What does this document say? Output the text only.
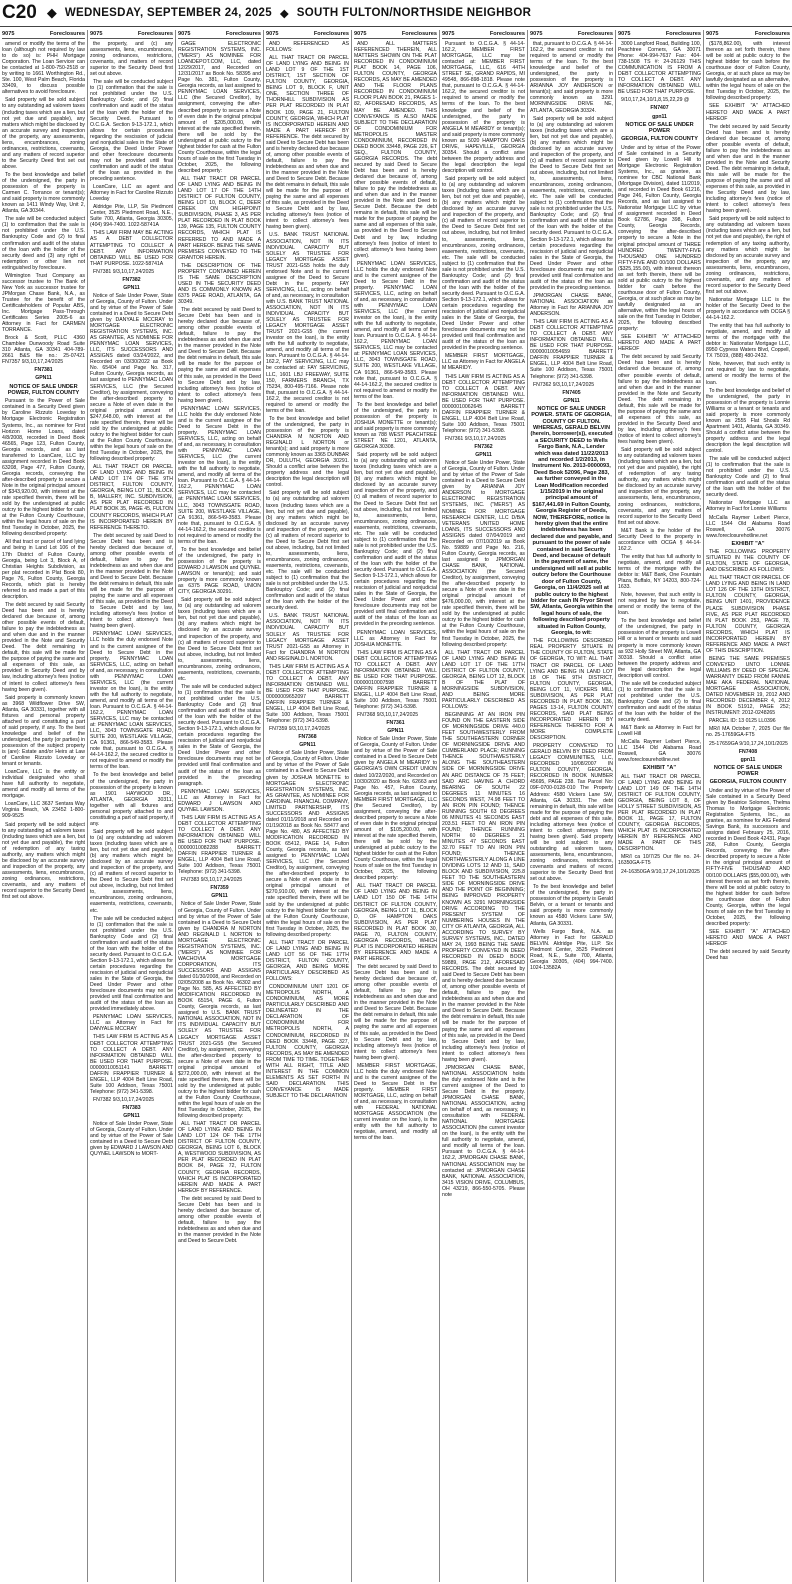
C20 ◆ WEDNESDAY, SEPTEMBER 24, 2025 ◆ SOUTH FULTON/NORTHSIDE NEIGHBOR
9075	Foreclosures

amend or modify the terms of the loan (although not required by law to do so) is: PHH Mortgage Corporation. The Loan Servicer can be contacted at 1-800-750-2518 or by writing to 1661 Worthington Rd., Ste. 100, West Palm Beach, Florida 33409, to discuss possible alternatives to avoid foreclosure.

Said property will be sold subject to any outstanding ad valorem taxes (including taxes which are a lien, but not yet due and payable), any matters which might be disclosed by an accurate survey and inspection of the property, any assessments, liens, encumbrances, zoning ordinances, restrictions, covenants, and any matters of record superior to the Security Deed first set out above.

To the best knowledge and belief of the undersigned, the party in possession of the property is Carmen C. Torrance or tenant(s); and said property is more commonly known as 1411 Windy Way, Unit 2, Atlanta, GA 30344.

The sale will be conducted subject (1) to confirmation that the sale is not prohibited under the U.S. Bankruptcy Code and (2) to final confirmation and audit of the status of the loan with the holder of the security deed and (3) any right of redemption or other lien not extinguished by foreclosure.

Wilmington Trust Company as successor trustee to The Bank of New York as successor trustee for JPMorgan Chase Bank, N.A., as Trustee for the benefit of the Certificateholders of Popular ABS, Inc. Mortgage Pass-Through Certificates Series 2005-6 as Attorney in Fact for CARMEN TORRANCE.

Brock & Scott, PLLC 4360 Chamblee Dunwoody Road Suite 310 Atlanta, GA 30341 404-789-2661 B&S file no.: 25-07421 FN7357 9/3,10,17,24/2025

FN7381

GPN11

NOTICE OF SALE UNDER POWER, FULTON COUNTY

Pursuant to the Power of Sale contained in a Security Deed given by Caroline Rizzuto Loveday to Mortgage Electronic Registration Systems, Inc., as nominee for First Horizon Home Loans, dated 4/8/2008, recorded in Deed Book 46565, Page 123, Fulton County, Georgia records, and as last transferred to LoanCare, LLC by assignment recorded in Deed Book 63208, Page 477, Fulton County, Georgia records, conveying the after-described property to secure a Note in the original principal amount of $343,920.00, with interest at the rate specified therein, there will be sold by the undersigned at public outcry to the highest bidder for cash at the Fulton County Courthouse, within the legal hours of sale on the first Tuesday in October, 2025, the following described property:

All that tract or parcel of land lying and being in Land Lot 106 of the 17th District of Fulton County, Georgia, being Lot 3, Block A, of Christian Heights Subdivision, as per plat recorded in Plat Book 80, Page 76, Fulton County, Georgia Records, which plat is hereby referred to and made a part of this description.

The debt secured by said Security Deed has been and is hereby declared due because of, among other possible events of default, failure to pay the indebtedness as and when due and in the manner provided in the Note and Security Deed. The debt remaining in default, this sale will be made for the purpose of paying the same and all expenses of this sale, as provided in Security Deed and by law, including attorney's fees (notice of intent to collect attorney's fees having been given).

Said property is commonly known as 3968 Wildflower Drive SW, Atlanta, GA 30331, together with all fixtures and personal property attached to and constituting a part of said property, if any. To the best knowledge and belief of the undersigned, the party (or parties) in possession of the subject property is (are): Estate and/or Heirs at Law of Caroline Rizzuto Loveday or tenant or tenants.

LoanCare, LLC is the entity or individual designated who shall have full authority to negotiate, amend and modify all terms of the mortgage.

LoanCare, LLC 3637 Sentara Way Virginia Beach, VA 23452 1-800-909-9525

Said property will be sold subject to any outstanding ad valorem taxes (including taxes which are a lien, but not yet due and payable), the right of redemption of any taxing authority, any matters which might be disclosed by an accurate survey and inspection of the property, any assessments, liens, encumbrances, zoning ordinances, restrictions, covenants, and any matters of record superior to the Security Deed first set out above.

9075	Foreclosures

the property, and (c) any assessments, liens, encumbrances, zoning ordinances, restrictions, covenants, and matters of record superior to the Security Deed first set out above.

The sale will be conducted subject to (1) confirmation that the sale is not prohibited under the U.S. Bankruptcy Code; and (2) final confirmation and audit of the status of the loan with the holder of the Security Deed. Pursuant to O.C.G.A. Section 9-13-172.1, which allows for certain procedures regarding the rescission of judicial and nonjudicial sales in the State of Georgia, the Deed Under Power and other foreclosure documents may not be provided until final confirmation and audit of the status of the loan as provided in the preceding sentence.

LoanCare, LLC as agent and Attorney in Fact for Caroline Rizzuto Loveday

Aldridge Pite, LLP, Six Piedmont Center, 3525 Piedmont Road, N.E., Suite 700, Atlanta, Georgia 30305, (404) 994-7400. 1022-58741A

THIS LAW FIRM MAY BE ACTING AS A DEBT COLLECTOR ATTEMPTING TO COLLECT A DEBT. ANY INFORMATION OBTAINED WILL BE USED FOR THAT PURPOSE. 1022-58741A

FN7381 9/3,10,17,24/2025

FN7382

GPN11

Notice of Sale Under Power, State of Georgia, County of Fulton. Under and by virtue of the Power of Sale contained in a Deed to Secure Debt given by DANYALE MCCRAY to MORTGAGE ELECTRONIC REGISTRATION SYSTEMS, INC. AS GRANTEE, AS NOMINEE FOR PENNYMAC LOAN SERVICES, LLC, ITS SUCCESSORS AND ASSIGNS dated 03/24/2022, and Recorded on 03/30/2022 as Book No. 65404 and Page No. 317, Fulton County, Georgia records, as last assigned to PENNYMAC LOAN SERVICES, LLC (the Secured Creditor), by assignment, conveying the after-described property to secure a Note of even date in the original principal amount of $247,648.00, with interest at the rate specified therein, there will be sold by the undersigned at public outcry to the highest bidder for cash at the Fulton County Courthouse, within the legal hours of sale on the first Tuesday in October, 2025, the following described property:

ALL THAT TRACT OR PARCEL OF LAND LYING AND BEING IN LAND LOT 174 OF THE 9TH DISTRICT, FULTON COUNTY, GEORGIA, BEING LOT 11, BLOCK B, MALLERY, INC. SUBDIVISION, AS PER PLAT RECORDED IN PLAT BOOK 35, PAGE 45, FULTON COUNTY RECORDS, WHICH PLAT IS INCORPORATED HEREIN BY REFERENCE THERETO.

The debt secured by said Deed to Secure Debt has been and is hereby declared due because of, among other possible events of default, failure to pay the indebtedness as and when due and in the manner provided in the Note and Deed to Secure Debt. Because the debt remains in default, this sale will be made for the purpose of paying the same and all expenses of this sale, as provided in the Deed to Secure Debt and by law, including attorney's fees (notice of intent to collect attorney's fees having been given).

PENNYMAC LOAN SERVICES, LLC holds the duly endorsed Note and is the current assignee of the Deed to Secure Debt in the property. PENNYMAC LOAN SERVICES, LLC, acting on behalf of and, as necessary, in consultation with PENNYMAC LOAN SERVICES, LLC (the current investor on the loan), is the entity with the full authority to negotiate, amend, and modify all terms of the loan. Pursuant to O.C.G.A. § 44-14-162.2, PENNYMAC LOAN SERVICES, LLC may be contacted at: PENNYMAC LOAN SERVICES, LLC, 3043 TOWNSGATE ROAD, SUITE 200, WESTLAKE VILLAGE, CA 91361, 866-549-3583. Please note that, pursuant to O.C.G.A. § 44-14-162.2, the secured creditor is not required to amend or modify the terms of the loan.

To the best knowledge and belief of the undersigned, the party in possession of the property is known as 1901 HAYWOOD DR., ATLANTA, GEORGIA 30311, together with all fixtures and personal property attached to and constituting a part of said property, if any.

Said property will be sold subject to (a) any outstanding ad valorem taxes (including taxes which are a lien, but not yet due and payable), (b) any matters which might be disclosed by an accurate survey and inspection of the property, and (c) all matters of record superior to the Deed to Secure Debt first set out above, including, but not limited to, assessments, liens, encumbrances, zoning ordinances, easements, restrictions, covenants, etc.

The sale will be conducted subject to (1) confirmation that the sale is not prohibited under the U.S. Bankruptcy Code and (2) final confirmation and audit of the status of the loan with the holder of the security deed. Pursuant to O.C.G.A. Section 9-13-172.1, which allows for certain procedures regarding the rescission of judicial and nonjudicial sales in the State of Georgia, the Deed Under Power and other foreclosure documents may not be provided until final confirmation and audit of the status of the loan as provided immediately above.

PENNYMAC LOAN SERVICES, LLC as Attorney in Fact for DANYALE MCCRAY

THIS LAW FIRM IS ACTING AS A DEBT COLLECTOR ATTEMPTING TO COLLECT A DEBT. ANY INFORMATION OBTAINED WILL BE USED FOR THAT PURPOSE. 00000010051141 BARRETT DAFFIN FRAPPIER TURNER & ENGEL, LLP 4004 Belt Line Road, Suite 100 Addison, Texas 75001 Telephone: (972) 341-5398.

FN7382 9/3,10,17,24/2025

FN7383

GPN11

Notice of Sale Under Power, State of Georgia, County of Fulton. Under and by virtue of the Power of Sale contained in a Deed to Secure Debt given by EDWARD J LAWSON AND QUYNEL LAWSON to MORT-

9075	Foreclosures

GAGE ELECTRONIC REGISTRATION SYSTEMS, INC. ("MERS") AS NOMINEE FOR LOANDEPOT.COM, LLC, dated 12/29/2017, and Recorded on 12/31/2017 as Book No. 58395 and Page No. 381, Fulton County, Georgia records, as last assigned to PENNYMAC LOAN SERVICES, LLC (the Secured Creditor), by assignment, conveying the after-described property to secure a Note of even date in the original principal amount of $205,000.00, with interest at the rate specified therein, there will be sold by the undersigned at public outcry to the highest bidder for cash at the Fulton County Courthouse, within the legal hours of sale on the first Tuesday in October, 2025, the following described property:

ALL THAT TRACT OR PARCEL OF LAND LYING AND BEING IN LAND LOT 17 OF THE 14TH DISTRICT OF FULTON COUNTY, BEING LOT 10, BLOCK C, DEER CREEK ON HIGHPOINT SUBDIVISION, PHASE 3, AS PER PLAT RECORDED IN PLAT BOOK 139, PAGE 135, FULTON COUNTY RECORDS, WHICH PLAT IS REFERRED TO AND MADE A PART HEREOF. BEING THE SAME PREMISES CONVEYED TO THE GRANTOR HEREIN.

THE DESCRIPTION OF THE PROPERTY CONTAINED HEREIN IS THE SAME DESCRIPTION USED IN THE SECURITY DEED AND IS COMMONLY KNOWN AS 6375 PAGE ROAD, ATLANTA, GA 30349.

The debt secured by said Deed to Secure Debt has been and is hereby declared due because of, among other possible events of default, failure to pay the indebtedness as and when due and in the manner provided in the Note and Deed to Secure Debt. Because the debt remains in default, this sale will be made for the purpose of paying the same and all expenses of this sale, as provided in the Deed to Secure Debt and by law, including attorney's fees (notice of intent to collect attorney's fees having been given).

PENNYMAC LOAN SERVICES, LLC holds the duly endorsed Note and is the current assignee of the Deed to Secure Debt in the property. PENNYMAC LOAN SERVICES, LLC, acting on behalf of and, as necessary, in consultation with PENNYMAC LOAN SERVICES, LLC (the current investor on the loan), is the entity with the full authority to negotiate, amend, and modify all terms of the loan. Pursuant to O.C.G.A. § 44-14-162.2, PENNYMAC LOAN SERVICES, LLC may be contacted at: PENNYMAC LOAN SERVICES, LLC, 3043 TOWNSGATE ROAD, SUITE 200, WESTLAKE VILLAGE, CA 91361, 866-549-3583. Please note that, pursuant to O.C.G.A. § 44-14-162.2, the secured creditor is not required to amend or modify the terms of the loan.

To the best knowledge and belief of the undersigned, the party in possession of the property is EDWARD J LAWSON and QUYNEL LAWSON or tenant(s); and said property is more commonly known as 6375 PAGE ROAD, UNION CITY, GEORGIA 30291.

Said property will be sold subject to (a) any outstanding ad valorem taxes (including taxes which are a lien, but not yet due and payable), (b) any matters which might be disclosed by an accurate survey and inspection of the property, and (c) all matters of record superior to the Deed to Secure Debt first set out above, including, but not limited to, assessments, liens, encumbrances, zoning ordinances, easements, restrictions, covenants, etc.

The sale will be conducted subject to (1) confirmation that the sale is not prohibited under the U.S. Bankruptcy Code and (2) final confirmation and audit of the status of the loan with the holder of the security deed. Pursuant to O.C.G.A. Section 9-13-172.1, which allows for certain procedures regarding the rescission of judicial and nonjudicial sales in the State of Georgia, the Deed Under Power and other foreclosure documents may not be provided until final confirmation and audit of the status of the loan as provided in the preceding paragraph.

PENNYMAC LOAN SERVICES, LLC as Attorney in Fact for EDWARD J LAWSON AND QUYNEL LAWSON.

THIS LAW FIRM IS ACTING AS A DEBT COLLECTOR ATTEMPTING TO COLLECT A DEBT. ANY INFORMATION OBTAINED WILL BE USED FOR THAT PURPOSE. 00000010082288 BARRETT DAFFIN FRAPPIER TURNER & ENGEL, LLP 4004 Belt Line Road, Suite 100 Addison, Texas 75001 Telephone: (972) 341-5398.

FN7383 9/3,10,17,24/2025

FN7359

GPN11

Notice of Sale Under Power, State of Georgia, County of Fulton. Under and by virtue of the Power of Sale contained in a Deed to Secure Debt given by CHANDRA M NORTON AND REGINALD L NORTON to MORTGAGE ELECTRONIC REGISTRATION SYSTEMS, INC. ("MERS") AS NOMINEE FOR WACHOVIA MORTGAGE CORPORATION, ITS SUCCESSORS AND ASSIGNS dated 01/30/2008, and Recorded on 02/05/2008 as Book No. 46302 and Page No. 585, AS AFFECTED BY MODIFICATION RECORDED IN BOOK 65154, PAGE 6, Fulton County, Georgia records, as last assigned to U.S. BANK TRUST NATIONAL ASSOCIATION, NOT IN ITS INDIVIDUAL CAPACITY BUT SOLELY AS TRUSTEE FOR LEGACY MORTGAGE ASSET TRUST 2021-GS5 (the Secured Creditor), by assignment, conveying the after-described property to secure a Note of even date in the original principal amount of $272,000.00, with interest at the rate specified therein, there will be sold by the undersigned at public outcry to the highest bidder for cash at the Fulton County Courthouse, within the legal hours of sale on the first Tuesday in October, 2025, the following described property:

ALL THAT TRACT OR PARCEL OF LAND LYING AND BEING IN LAND LOT 124 OF THE 17TH DISTRICT OF FULTON COUNTY, GEORGIA, BEING LOT 6, BLOCK A, WESTWOOD SUBDIVISION, AS PER PLAT RECORDED IN PLAT BOOK 84, PAGE 72, FULTON COUNTY, GEORGIA RECORDS, WHICH PLAT IS INCORPORATED HEREIN AND MADE A PART HEREOF BY REFERENCE.

The debt secured by said Deed to Secure Debt has been and is hereby declared due because of, among other possible events of default, failure to pay the indebtedness as and when due and in the manner provided in the Note and Deed to Secure Debt.

9075	Foreclosures

AND REFERENCED AS FOLLOWS:

ALL THAT TRACT OR PARCEL OF LAND LYING AND BEING IN LAND LOT 9 OF THE 1ST DISTRICT, 1ST SECTION OF FULTON COUNTY, GEORGIA, BEING LOT 9, BLOCK F, UNIT ONE, SECTION THREE OF THORNHILL SUBDIVISION AS PER PLAT RECORDED IN PLAT BOOK 109, PAGE 21, FULTON COUNTY, GEORGIA, WHICH PLAT IS INCORPORATED HEREIN AND MADE A PART HEREOF BY REFERENCE. The debt secured by said Deed to Secure Debt has been and is hereby declared due because of, among other possible events of default, failure to pay the indebtedness as and when due and in the manner provided in the Note and Deed to Secure Debt. Because the debt remains in default, this sale will be made for the purpose of paying the same and all expenses of this sale, as provided in the Deed to Secure Debt and by law, including attorney's fees (notice of intent to collect attorney's fees having been given).

U.S. BANK TRUST NATIONAL ASSOCIATION, NOT IN ITS INDIVIDUAL CAPACITY BUT SOLELY AS TRUSTEE FOR LEGACY MORTGAGE ASSET TRUST 2021-GS5 holds the duly endorsed Note and is the current assignee of the Deed to Secure Debt in the property. FAY SERVICING, LLC, acting on behalf of and, as necessary, in consultation with U.S. BANK TRUST NATIONAL ASSOCIATION, NOT IN ITS INDIVIDUAL CAPACITY BUT SOLELY AS TRUSTEE FOR LEGACY MORTGAGE ASSET TRUST 2021-GS5 (the current investor on the loan), is the entity with the full authority to negotiate, amend, and modify all terms of the loan. Pursuant to O.C.G.A. § 44-14-162.2, FAY SERVICING, LLC may be contacted at: FAY SERVICING, LLC, 1601 LBJ FREEWAY, SUITE 150, FARMERS BRANCH, TX 75234, 800-495-7166. Please note that, pursuant to O.C.G.A. § 44-14-162.2, the secured creditor is not required to amend or modify the terms of the loan.

To the best knowledge and belief of the undersigned, the party in possession of the property is CHANDRA M NORTON AND REGINALD L NORTON or tenant(s); and said property is more commonly known as 3365 DUNBAR DR, DULUTH, GEORGIA 30291. Should a conflict arise between the property address and the legal description the legal description will control.

Said property will be sold subject to (a) any outstanding ad valorem taxes (including taxes which are a lien, but not yet due and payable), (b) any matters which might be disclosed by an accurate survey and inspection of the property, and (c) all matters of record superior to the Deed to Secure Debt first set out above, including, but not limited to, assessments, liens, encumbrances, zoning ordinances, easements, restrictions, covenants, etc. The sale will be conducted subject to (1) confirmation that the sale is not prohibited under the U.S. Bankruptcy Code; and (2) final confirmation and audit of the status of the loan with the holder of the security deed.

U.S. BANK TRUST NATIONAL ASSOCIATION, NOT IN ITS INDIVIDUAL CAPACITY BUT SOLELY AS TRUSTEE FOR LEGACY MORTGAGE ASSET TRUST 2021-GS5 as Attorney in Fact for CHANDRA M NORTON AND REGINALD L NORTON.

THIS LAW FIRM IS ACTING AS A DEBT COLLECTOR ATTEMPTING TO COLLECT A DEBT. ANY INFORMATION OBTAINED WILL BE USED FOR THAT PURPOSE. 00000009652097 BARRETT DAFFIN FRAPPIER TURNER & ENGEL, LLP 4004 Belt Line Road, Suite 100 Addison, Texas 75001 Telephone: (972) 341-5398.

FN7359 9/3,10,17,24/2025

FN7368

GPN11

Notice of Sale Under Power, State of Georgia, County of Fulton. Under and by virtue of the Power of Sale contained in a Deed to Secure Debt given by JOSHUA MONETTE to MORTGAGE ELECTRONIC REGISTRATION SYSTEMS, INC. AS GRANTEE, AS NOMINEE FOR CARDINAL FINANCIAL COMPANY, LIMITED PARTNERSHIP, ITS SUCCESSORS AND ASSIGNS dated 01/11/2018 and Recorded on 01/19/2018 as Book No. 58477 and Page No. 480, AS AFFECTED BY MODIFICATION RECORDED IN BOOK 65412, PAGE 14, Fulton County, Georgia records, as last assigned to PENNYMAC LOAN SERVICES, LLC (the Secured Creditor), by assignment, conveying the after-described property to secure a Note of even date in the original principal amount of $270,910.00, with interest at the rate specified therein, there will be sold by the undersigned at public outcry to the highest bidder for cash at the Fulton County Courthouse, within the legal hours of sale on the first Tuesday in October, 2025, the following described property:

ALL THAT TRACT OR PARCEL OF LAND LYING AND BEING IN LAND LOT 56 OF THE 17TH DISTRICT, FULTON COUNTY, GEORGIA, AND BEING MORE PARTICULARLY DESCRIBED AS FOLLOWS:

CONDOMINIUM UNIT 1201 OF METROPOLIS NORTH, A CONDOMINIUM, AS MORE PARTICULARLY DESCRIBED AND DELINEATED IN THE DECLARATION OF CONDOMINIUM FOR METROPOLIS NORTH, A CONDOMINIUM, RECORDED IN DEED BOOK 33448, PAGE 327, FULTON COUNTY, GEORGIA RECORDS, AS MAY BE AMENDED FROM TIME TO TIME. TOGETHER WITH ALL RIGHT, TITLE AND INTEREST IN THE COMMON ELEMENTS AS SET FORTH IN SAID DECLARATION. THIS CONVEYANCE IS MADE SUBJECT TO THE DECLARATION

9075	Foreclosures

AND ALL MATTERS REFERENCED THEREIN, ALL MATTERS SHOWN ON THE PLAT RECORDED IN CONDOMINIUM PLAT BOOK 14, PAGE 106, FULTON COUNTY, GEORGIA RECORDS, AS MAY BE AMENDED AND THE FLOOR PLANS RECORDED IN CONDOMINIUM FLOOR PLAN BOOK 21, PAGES 1-82, AFORESAID RECORDS, AS MAY BE AMENDED. THIS CONVEYANCE IS ALSO MADE SUBJECT TO THE DECLARATION OF CONDOMINIUM FOR METROPOLIS MASTER CONDOMINIUM, RECORDED IN DEED BOOK 33448, PAGE 226, ET SEQ., FULTON COUNTY, GEORGIA RECORDS. The debt secured by said Deed to Secure Debt has been and is hereby declared due because of, among other possible events of default, failure to pay the indebtedness as and when due and in the manner provided in the Note and Deed to Secure Debt. Because the debt remains in default, this sale will be made for the purpose of paying the same and all expenses of this sale, as provided in the Deed to Secure Debt and by law, including attorney's fees (notice of intent to collect attorney's fees having been given).

PENNYMAC LOAN SERVICES, LLC holds the duly endorsed Note and is the current assignee of the Deed to Secure Debt in the property. PENNYMAC LOAN SERVICES, LLC, acting on behalf of and, as necessary, in consultation with PENNYMAC LOAN SERVICES, LLC (the current investor on the loan), is the entity with the full authority to negotiate, amend, and modify all terms of the loan. Pursuant to O.C.G.A. § 44-14-162.2, PENNYMAC LOAN SERVICES, LLC may be contacted at: PENNYMAC LOAN SERVICES, LLC, 3043 TOWNSGATE ROAD, SUITE 200, WESTLAKE VILLAGE, CA 91361, 866-549-3583. Please note that, pursuant to O.C.G.A. § 44-14-162.2, the secured creditor is not required to amend or modify the terms of the loan.

To the best knowledge and belief of the undersigned, the party in possession of the property is JOSHUA MONETTE or tenant(s); and said property is more commonly known as 788 WEST PEACHTREE STREET NE 1201, ATLANTA, GEORGIA 30308.

Said property will be sold subject to (a) any outstanding ad valorem taxes (including taxes which are a lien, but not yet due and payable), (b) any matters which might be disclosed by an accurate survey and inspection of the property, and (c) all matters of record superior to the Deed to Secure Debt first set out above, including, but not limited to, assessments, liens, encumbrances, zoning ordinances, easements, restrictions, covenants, etc. The sale will be conducted subject to (1) confirmation that the sale is not prohibited under the U.S. Bankruptcy Code; and (2) final confirmation and audit of the status of the loan with the holder of the security deed. Pursuant to O.C.G.A. Section 9-13-172.1, which allows for certain procedures regarding the rescission of judicial and nonjudicial sales in the State of Georgia, the Deed Under Power and other foreclosure documents may not be provided until final confirmation and audit of the status of the loan as provided in the preceding sentence.

PENNYMAC LOAN SERVICES, LLC as Attorney in Fact for JOSHUA MONETTE.

THIS LAW FIRM IS ACTING AS A DEBT COLLECTOR ATTEMPTING TO COLLECT A DEBT. ANY INFORMATION OBTAINED WILL BE USED FOR THAT PURPOSE. 00000010007598 BARRETT DAFFIN FRAPPIER TURNER & ENGEL, LLP 4004 Belt Line Road, Suite 100 Addison, Texas 75001 Telephone: (972) 341-5398.

FN7368 9/3,10,17,24/2025

FN7361

GPN11

Notice of Sale Under Power, State of Georgia, County of Fulton. Under and by virtue of the Power of Sale contained in a Deed to Secure Debt given by ANGELA M MEARIDY to GEORGIA'S OWN CREDIT UNION dated 10/22/2020, and Recorded on 10/30/2020 as Book No. 62663 and Page No. 457, Fulton County, Georgia records, as last assigned to MEMBER FIRST MORTGAGE, LLC (the Secured Creditor), by assignment, conveying the after-described property to secure a Note of even date in the original principal amount of $105,200.00, with interest at the rate specified therein, there will be sold by the undersigned at public outcry to the highest bidder for cash at the Fulton County Courthouse, within the legal hours of sale on the first Tuesday in October, 2025, the following described property:

ALL THAT TRACT OR PARCEL OF LAND LYING AND BEING IN LAND LOT 150 OF THE 14TH DISTRICT OF FULTON COUNTY, GEORGIA, BEING LOT 11, BLOCK D, OF HAMPTON OAKS SUBDIVISION, AS PER PLAT RECORDED IN PLAT BOOK 30, PAGE 70, FULTON COUNTY, GEORGIA RECORDS, WHICH PLAT IS INCORPORATED HEREIN BY REFERENCE AND MADE A PART HEREOF.

The debt secured by said Deed to Secure Debt has been and is hereby declared due because of, among other possible events of default, failure to pay the indebtedness as and when due and in the manner provided in the Note and Deed to Secure Debt. Because the debt remains in default, this sale will be made for the purpose of paying the same and all expenses of this sale, as provided in the Deed to Secure Debt and by law, including attorney's fees (notice of intent to collect attorney's fees having been given).

MEMBER FIRST MORTGAGE, LLC holds the duly endorsed Note and is the current assignee of the Deed to Secure Debt in the property. MEMBER FIRST MORTGAGE, LLC, acting on behalf of and, as necessary, in consultation with FEDERAL NATIONAL MORTGAGE ASSOCIATION (the current investor on the loan), is the entity with the full authority to negotiate, amend, and modify all terms of the loan.

9075	Foreclosures

Pursuant to O.C.G.A. § 44-14-162.2, MEMBER FIRST MORTGAGE, LLC may be contacted at: MEMBER FIRST MORTGAGE, LLC, 616 44TH STREET SE, GRAND RAPIDS, MI 49548, 866-898-1818. Please note that, pursuant to O.C.G.A. § 44-14-162.2, the secured creditor is not required to amend or modify the terms of the loan. To the best knowledge and belief of the undersigned, the party in possession of the property is ANGELA M MEARIDY or tenant(s); and said property is more commonly known as 5020 HAMPTON OAKS DRIVE, HAPEVILLE, GEORGIA 30354. Should a conflict arise between the property address and the legal description the legal description will control.

Said property will be sold subject to (a) any outstanding ad valorem taxes (including taxes which are a lien, but not yet due and payable), (b) any matters which might be disclosed by an accurate survey and inspection of the property, and (c) all matters of record superior to the Deed to Secure Debt first set out above, including, but not limited to, assessments, liens, encumbrances, zoning ordinances, easements, restrictions, covenants, etc. The sale will be conducted subject to (1) confirmation that the sale is not prohibited under the U.S. Bankruptcy Code; and (2) final confirmation and audit of the status of the loan with the holder of the security deed. Pursuant to O.C.G.A. Section 9-13-172.1, which allows for certain procedures regarding the rescission of judicial and nonjudicial sales in the State of Georgia, the Deed Under Power and other foreclosure documents may not be provided until final confirmation and audit of the status of the loan as provided in the preceding sentence.

MEMBER FIRST MORTGAGE, LLC as Attorney in Fact for ANGELA M MEARIDY.

THIS LAW FIRM IS ACTING AS A DEBT COLLECTOR ATTEMPTING TO COLLECT A DEBT. ANY INFORMATION OBTAINED WILL BE USED FOR THAT PURPOSE. 00000010062645 BARRETT DAFFIN FRAPPIER TURNER & ENGEL, LLP 4004 Belt Line Road, Suite 100 Addison, Texas 75001 Telephone: (972) 341-5398.

FN7361 9/3,10,17,24/2025

FN7362

GPN11

Notice of Sale Under Power, State of Georgia, County of Fulton. Under and by virtue of the Power of Sale contained in a Deed to Secure Debt given by ARIANNA JOY ANDERSON to MORTGAGE ELECTRONIC REGISTRATION SYSTEMS, INC. ("MERS") AS NOMINEE FOR MORTGAGE RESEARCH CENTER, LLC D/B/A VETERANS UNITED HOME LOANS, ITS SUCCESSORS AND ASSIGNS dated 07/04/2019 and Recorded on 07/10/2019 as Book No. 59889 and Page No. 216, Fulton County, Georgia records, as last assigned to JPMORGAN CHASE BANK, NATIONAL ASSOCIATION (the Secured Creditor), by assignment, conveying the after-described property to secure a Note of even date in the original principal amount of $476,000.00, with interest at the rate specified therein, there will be sold by the undersigned at public outcry to the highest bidder for cash at the Fulton County Courthouse, within the legal hours of sale on the first Tuesday in October, 2025, the following described property:

ALL THAT TRACT OR PARCEL OF LAND LYING AND BEING IN LAND LOT 17 OF THE 17TH DISTRICT OF FULTON COUNTY, GEORGIA, BEING LOT 12, BLOCK B OF THE PLAT OF MORNINGSIDE SUBDIVISION, AND BEING MORE PARTICULARLY DESCRIBED AS FOLLOWS:

BEGINNING AT AN IRON PIN FOUND ON THE EASTERN SIDE OF MORNINGSIDE DRIVE 440.0 FEET SOUTHWESTERLY FROM THE SOUTHEASTERN CORNER OF MORNINGSIDE DRIVE AND CUMBERLAND PLACE; RUNNING THENCE SOUTHWESTERLY ALONG THE SOUTHEASTERN SIDE OF MORNINGSIDE DRIVE AN ARC DISTANCE OF 75 FEET; SAID ARC HAVING A CHORD BEARING OF SOUTH 22 DEGREES 11 MINUTES 16 SECONDS WEST, 74.98 FEET TO AN IRON PIN FOUND; THENCE RUNNING SOUTH 63 DEGREES 06 MINUTES 41 SECONDS EAST 203.51 FEET TO AN IRON PIN FOUND; THENCE RUNNING NORTH 60 DEGREES 21 MINUTES 47 SECONDS EAST 32.70 FEET TO AN IRON PIN FOUND; THENCE NORTHWESTERLY ALONG A LINE DIVIDING LOTS 12 AND 11, SAID BLOCK AND SUBDIVISION, 225.8 FEET TO THE SOUTHEASTERN SIDE OF MORNINGSIDE DRIVE AND THE POINT OF BEGINNING; BEING IMPROVED PROPERTY KNOWN AS 3291 MORNINGSIDE DRIVE ACCORDING TO THE PRESENT SYSTEM OF NUMBERING HOUSES IN THE CITY OF ATLANTA, GEORGIA, ALL ACCORDING TO SURVEY BY SURVEY SYSTEMS, INC., DATED MAY 24, 1993 BEING THE SAME PROPERTY CONVEYED IN DEED RECORDED IN DEED BOOK 59889, PAGE 212, AFORESAID RECORDS. The debt secured by said Deed to Secure Debt has been and is hereby declared due because of, among other possible events of default, failure to pay the indebtedness as and when due and in the manner provided in the Note and Deed to Secure Debt. Because the debt remains in default, this sale will be made for the purpose of paying the same and all expenses of this sale, as provided in the Deed to Secure Debt and by law, including attorney's fees (notice of intent to collect attorney's fees having been given).

JPMORGAN CHASE BANK, NATIONAL ASSOCIATION holds the duly endorsed Note and is the current assignee of the Deed to Secure Debt in the property. JPMORGAN CHASE BANK, NATIONAL ASSOCIATION, acting on behalf of and, as necessary, in consultation with FEDERAL NATIONAL MORTGAGE ASSOCIATION (the current investor on the loan), is the entity with the full authority to negotiate, amend, and modify all terms of the loan. Pursuant to O.C.G.A. § 44-14-162.2, JPMORGAN CHASE BANK, NATIONAL ASSOCIATION may be contacted at: JPMORGAN CHASE BANK, NATIONAL ASSOCIATION, 3415 VISION DRIVE, COLUMBUS, OH 43219, 866-550-5705. Please note

9075	Foreclosures

that, pursuant to O.C.G.A. § 44-14-162.2, the secured creditor is not required to amend or modify the terms of the loan. To the best knowledge and belief of the undersigned, the party in possession of the property is ARIANNA JOY ANDERSON or tenant(s); and said property is more commonly known as 3291 MORNINGSIDE DRIVE NE, ATLANTA, GEORGIA 30324.

Said property will be sold subject to (a) any outstanding ad valorem taxes (including taxes which are a lien, but not yet due and payable), (b) any matters which might be disclosed by an accurate survey and inspection of the property, and (c) all matters of record superior to the Deed to Secure Debt first set out above, including, but not limited to, assessments, liens, encumbrances, zoning ordinances, easements, restrictions, covenants, etc. The sale will be conducted subject to (1) confirmation that the sale is not prohibited under the U.S. Bankruptcy Code; and (2) final confirmation and audit of the status of the loan with the holder of the security deed. Pursuant to O.C.G.A. Section 9-13-172.1, which allows for certain procedures regarding the rescission of judicial and nonjudicial sales in the State of Georgia, the Deed Under Power and other foreclosure documents may not be provided until final confirmation and audit of the status of the loan as provided in the preceding sentence.

JPMORGAN CHASE BANK, NATIONAL ASSOCIATION as Attorney in Fact for ARIANNA JOY ANDERSON.

THIS LAW FIRM IS ACTING AS A DEBT COLLECTOR ATTEMPTING TO COLLECT A DEBT. ANY INFORMATION OBTAINED WILL BE USED FOR THAT PURPOSE. 00000010054659 BARRETT DAFFIN FRAPPIER TURNER & ENGEL, LLP 4004 Belt Line Road, Suite 100 Addison, Texas 75001 Telephone: (972) 341-5398.

FN7362 9/3,10,17,24/2025

FN7405

GPN11

NOTICE OF SALE UNDER POWER. STATE OF GEORGIA, COUNTY OF FULTON. WHEREAS, GERALD BELVIN (herein, borrower(s)), executed a SECURITY DEED to Wells Fargo Bank, N.A., Lender which was dated 11/22/2013 and recorded 1/2/2013, in Instrument No. 2013-0000093, Deed Book 52096, Page 283, as further conveyed in the Loan Modification recorded 1/15/2019 in the original principal amount of $167,441.69 in Fulton County, Georgia Register of Deeds, NOW, THEREFORE, notice is hereby given that the entire indebtedness has been declared due and payable, and pursuant to the power of sale contained in said Security Deed, and because of default in the payment of same, the undersigned will sell at public outcry before the Courthouse door of Fulton County, Georgia, on 11/4/2025 sell at public outcry to the highest bidder for cash IN Pryor Street SW, Atlanta, Georgia within the legal hours of sale, the following described property situated in Fulton County, Georgia, to wit:

THE FOLLOWING DESCRIBED REAL PROPERTY SITUATE IN THE COUNTY OF FULTON, STATE OF GEORGIA, TO WIT: ALL THAT TRACT OR PARCEL OF LAND LYING AND BEING IN LAND LOT 18 OF THE 9TH DISTRICT, FULTON COUNTY, GEORGIA, BEING LOT 11, VICKERS MILL SUBDIVISION, AS PER PLAT RECORDED IN PLAT BOOK 136, PAGES 13-14, FULTON COUNTY RECORDS, SAID PLAT BEING INCORPORATED HEREIN BY REFERENCE THERETO FOR A MORE COMPLETE DESCRIPTION.

PROPERTY CONVEYED TO GERALD BELVIN BY DEED FROM LEGACY COMMUNITIES, LLC, RECORDED 10/08/2007 IN FULTON COUNTY, GEORGIA, RECORDED IN BOOK NUMBER 45695, PAGE 238. Tax Parcel No: 09F-0700-0128-010 The Property Address: 4580 Vickers Lane SW, Atlanta, GA 30331. The debt remaining in default, this sale will be made for the purpose of paying the debt and all expenses of this sale, including attorneys fees (notice of intent to collect attorneys fees having been given). Said property will be sold subject to any outstanding ad valorem taxes, assessments, liens, encumbrances, zoning ordinances, restrictions, covenants and matters of record superior to the Security Deed first set out above.

To the best knowledge and belief of the undersigned, the party in possession of the property is Gerald Belvin, or a tenant or tenants and said property is more commonly known as 4580 Vickers Lane SW, Atlanta, GA 30331.

Wells Fargo Bank, N.A. as Attorney in Fact for GERALD BELVIN. Aldridge Pite, LLP. Six Piedmont Center, 3525 Piedmont Road, N.E., Suite 700, Atlanta, Georgia 30305, (404) 994-7400. 1024-13582A

9075	Foreclosures

3000 Langford Road, Building 100, Peachtree Corners, GA 30071 Phone: 404-994-7637 Fax: 404-738-1508 TS #: 24-26129 THIS COMMUNICATION IS FROM A DEBT COLLECTOR ATTEMPTING TO COLLECT A DEBT. ANY INFORMATION OBTAINED WILL BE USED FOR THAT PURPOSE.

9/10,17,24,10/1,8,15,22,29 @

FN7407

gpn11

NOTICE OF SALE UNDER POWER

GEORGIA, FULTON COUNTY

Under and by virtue of the Power of Sale contained in a Security Deed given by Lowell Hill to Mortgage Electronic Registration Systems, Inc., as grantee, as nominee for CBC National Bank (Mortgage Division), dated 11/2019, and recorded in Deed Book 61216, Page 246, Fulton County, Georgia Records, and as last assigned to Nationstar Mortgage LLC by virtue of assignment recorded in Deed Book 62786, Page 398, Fulton County, Georgia Records, conveying the after-described property to secure a Note in the original principal amount of THREE HUNDRED TWENTY-FIVE THOUSAND ONE HUNDRED FIFTY-FIVE AND 00/100 DOLLARS ($325,155.00), with interest thereon as set forth therein, there will be sold at public outcry to the highest bidder for cash before the courthouse door of Fulton County, Georgia, or at such place as may be lawfully designated as an alternative, within the legal hours of sale on the first Tuesday in October, 2025, the following described property:

SEE EXHIBIT "A" ATTACHED HERETO AND MADE A PART HEREOF

The debt secured by said Security Deed has been and is hereby declared due because of, among other possible events of default, failure to pay the indebtedness as and when due and in the manner provided in the Note and Security Deed. The debt remaining in default, this sale will be made for the purpose of paying the same and all expenses of this sale, as provided in the Security Deed and by law, including attorney's fees (notice of intent to collect attorney's fees having been given).

Said property will be sold subject to any outstanding ad valorem taxes (including taxes which are a lien, but not yet due and payable), the right of redemption of any taxing authority, any matters which might be disclosed by an accurate survey and inspection of the property, any assessments, liens, encumbrances, zoning ordinances, restrictions, covenants, and any matters of record superior to the Security Deed first set out above.

M&T Bank is the holder of the Security Deed to the property in accordance with OCGA § 44-14-162.2.

The entity that has full authority to negotiate, amend, and modify all terms of the mortgage with the debtor is: M&T Bank, One Fountain Plaza, Buffalo, NY 14203, 800-724-1633.

Note, however, that such entity is not required by law to negotiate, amend or modify the terms of the loan.

To the best knowledge and belief of the undersigned, the party in possession of the property is Lowell Hill or a tenant or tenants and said property is more commonly known as 932 Holly Street NW, Atlanta, GA 30318. Should a conflict arise between the property address and the legal description the legal description will control.

The sale will be conducted subject (1) to confirmation that the sale is not prohibited under the U.S. Bankruptcy Code and (2) to final confirmation and audit of the status of the loan with the holder of the security deed.

M&T Bank as Attorney in Fact for Lowell Hill

McCalla Raymer Leibert Pierce, LLC 1544 Old Alabama Road Roswell, GA 30076 www.foreclosurehotline.net

EXHIBIT "A"

ALL THAT TRACT OR PARCEL OF LAND LYING AND BEING IN LAND LOT 149 OF THE 14TH DISTRICT OF FULTON COUNTY, GEORGIA, BEING LOT 8, OF HOLLY STREET SUBDIVISION, AS PER PLAT RECORDED IN PLAT BOOK 11, PAGE 17, FULTON COUNTY, GEORGIA RECORDS, WHICH PLAT IS INCORPORATED HEREIN BY REFERENCE AND MADE A PART OF THIS DESCRIPTION.

MR/I ca 10/7/25 Our file no. 24-16350GA-FT5

24-16350GA 9/10,17,24,10/1/2025

9075	Foreclosures

($178,862.00), with interest thereon as set forth therein, there will be sold at public outcry to the highest bidder for cash before the courthouse door of Fulton County, Georgia, or at such place as may be lawfully designated as an alternative, within the legal hours of sale on the first Tuesday in October, 2025, the following described property:

SEE EXHIBIT "A" ATTACHED HERETO AND MADE A PART HEREOF

The debt secured by said Security Deed has been and is hereby declared due because of, among other possible events of default, failure to pay the indebtedness as and when due and in the manner provided in the Note and Security Deed. The debt remaining in default, this sale will be made for the purpose of paying the same and all expenses of this sale, as provided in the Security Deed and by law, including attorney's fees (notice of intent to collect attorney's fees having been given).

Said property will be sold subject to any outstanding ad valorem taxes (including taxes which are a lien, but not yet due and payable), the right of redemption of any taxing authority, any matters which might be disclosed by an accurate survey and inspection of the property, any assessments, liens, encumbrances, zoning ordinances, restrictions, covenants, and any matters of record superior to the Security Deed first set out above.

Nationstar Mortgage LLC is the holder of the Security Deed to the property in accordance with OCGA § 44-14-162.2.

The entity that has full authority to negotiate, amend, and modify all terms of the mortgage with the debtor is: Nationstar Mortgage LLC, 8950 Cypress Waters Blvd, Coppell, TX 75019, (888) 480-2432.

Note, however, that such entity is not required by law to negotiate, amend or modify the terms of the loan.

To the best knowledge and belief of the undersigned, the party in possession of the property is Lonnie Williams or a tenant or tenants and said property is more commonly known as 2555 Flat Shoals Rd Apartment 1401, Atlanta, GA 30349. Should a conflict arise between the property address and the legal description the legal description will control.

The sale will be conducted subject (1) to confirmation that the sale is not prohibited under the U.S. Bankruptcy Code and (2) to final confirmation and audit of the status of the loan with the holder of the security deed.

Nationstar Mortgage LLC as Attorney in Fact for Lonnie Williams

McCalla Raymer Leibert Pierce, LLC 1544 Old Alabama Road Roswell, GA 30076 www.foreclosurehotline.net

EXHIBIT "A"

THE FOLLOWING PROPERTY SITUATED IN THE COUNTY OF FULTON, STATE OF GEORGIA, AND DESCRIBED AS FOLLOWS:

ALL THAT TRACT OR PARCEL OF LAND LYING AND BEING IN LAND LOT 126 OF THE 13TH DISTRICT, FULTON COUNTY, GEORGIA, BEING UNIT 1401, PROVIDENCE PLACE SUBDIVISION PHASE FIVE, AS PER PLAT RECORDED IN PLAT BOOK 253, PAGE 78, FULTON COUNTY, GEORGIA RECORDS, WHICH PLAT IS INCORPORATED HEREIN BY REFERENCE AND MADE A PART OF THIS DESCRIPTION.

BEING THE SAME PREMISES CONVEYED UNTO LONNIE WILLIAMS BY DEED OF SPECIAL WARRANTY DEED FROM FANNIE MAE AKA FEDERAL NATIONAL MORTGAGE ASSOCIATION, DATED NOVEMBER 19, 2012 AND RECORDED DECEMBER 4, 2012 IN BOOK 51912, PAGE 252; INSTRUMENT: 2012-0248265

PARCEL ID: 13 0125 LL0396

MR/I MA October 7, 2025 Our file no. 25-17659GA-FT5

25-17659GA 9/10,17,24,10/1/2025

FN7408

gpn11

NOTICE OF SALE UNDER POWER

GEORGIA, FULTON COUNTY

Under and by virtue of the Power of Sale contained in a Security Deed given by Beatrice Solomon, Thelma Thomas to Mortgage Electronic Registration Systems, Inc., as grantee, as nominee for AIG Federal Savings Bank, its successors and assigns dated February 25, 2016, recorded in Deed Book 42431, Page 268, Fulton County, Georgia Records, conveying the after-described property to secure a Note in the original principal amount of FIFTY-FIVE THOUSAND AND 00/100 DOLLARS ($55,000.00), with interest thereon as set forth therein, there will be sold at public outcry to the highest bidder for cash before the courthouse door of Fulton County, Georgia, within the legal hours of sale on the first Tuesday in October, 2025, the following described property:

SEE EXHIBIT "A" ATTACHED HERETO AND MADE A PART HEREOF

The debt secured by said Security Deed has
